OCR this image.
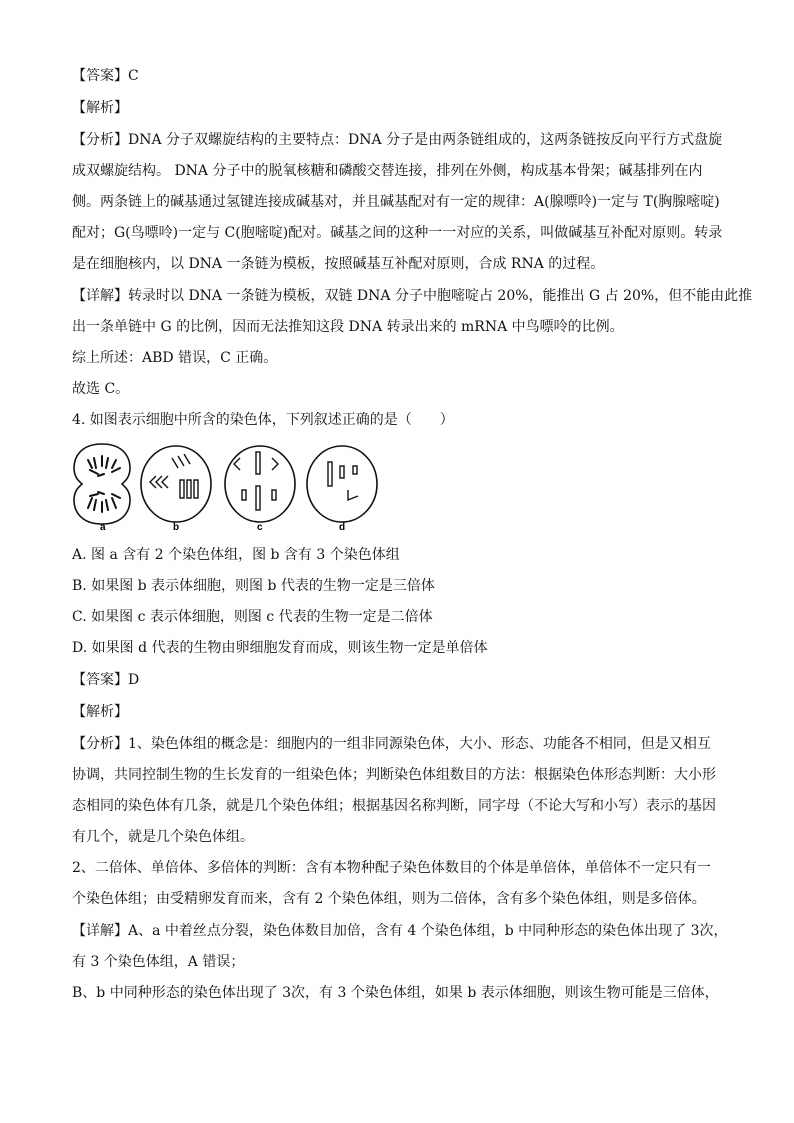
【答案】C
【解析】
【分析】DNA 分子双螺旋结构的主要特点：DNA 分子是由两条链组成的，这两条链按反向平行方式盘旋
成双螺旋结构。 DNA 分子中的脱氧核糖和磷酸交替连接，排列在外侧，构成基本骨架；碱基排列在内
侧。两条链上的碱基通过氢键连接成碱基对，并且碱基配对有一定的规律：A(腺嘌呤)一定与 T(胸腺嘧啶)
配对；G(鸟嘌呤)一定与 C(胞嘧啶)配对。碱基之间的这种一一对应的关系，叫做碱基互补配对原则。转录
是在细胞核内，以 DNA 一条链为模板，按照碱基互补配对原则，合成 RNA 的过程。
【详解】转录时以 DNA 一条链为模板，双链 DNA 分子中胞嘧啶占 20%，能推出 G 占 20%，但不能由此推
出一条单链中 G 的比例，因而无法推知这段 DNA 转录出来的 mRNA 中鸟嘌呤的比例。
综上所述：ABD 错误，C 正确。
故选 C。
4. 如图表示细胞中所含的染色体，下列叙述正确的是（　　）
a	b	c	d
A. 图 a 含有 2 个染色体组，图 b 含有 3 个染色体组
B. 如果图 b 表示体细胞，则图 b 代表的生物一定是三倍体
C. 如果图 c 表示体细胞，则图 c 代表的生物一定是二倍体
D. 如果图 d 代表的生物由卵细胞发育而成，则该生物一定是单倍体
【答案】D
【解析】
【分析】1、染色体组的概念是：细胞内的一组非同源染色体，大小、形态、功能各不相同，但是又相互
协调，共同控制生物的生长发育的一组染色体；判断染色体组数目的方法：根据染色体形态判断：大小形
态相同的染色体有几条，就是几个染色体组；根据基因名称判断，同字母（不论大写和小写）表示的基因
有几个，就是几个染色体组。
2、二倍体、单倍体、多倍体的判断：含有本物种配子染色体数目的个体是单倍体，单倍体不一定只有一
个染色体组；由受精卵发育而来，含有 2 个染色体组，则为二倍体，含有多个染色体组，则是多倍体。
【详解】A、a 中着丝点分裂，染色体数目加倍，含有 4 个染色体组，b 中同种形态的染色体出现了 3次，
有 3 个染色体组，A 错误；
B、b 中同种形态的染色体出现了 3次，有 3 个染色体组，如果 b 表示体细胞，则该生物可能是三倍体，
